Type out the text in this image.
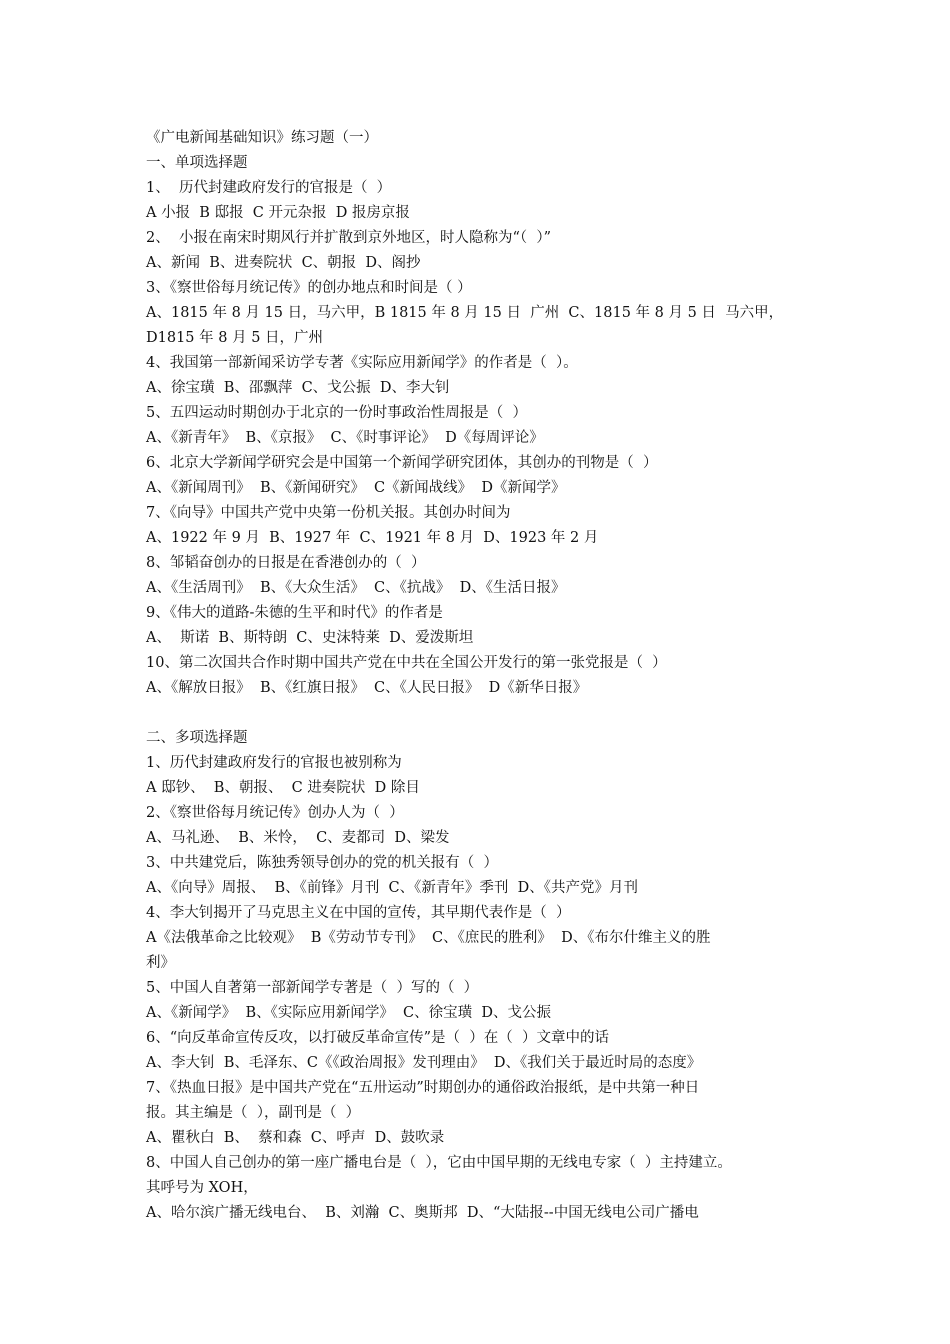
《广电新闻基础知识》练习题（一）
一、单项选择题
1、  历代封建政府发行的官报是（  ）
A 小报  B 邸报  C 开元杂报  D 报房京报
2、  小报在南宋时期风行并扩散到京外地区，时人隐称为“（  ）”
A、新闻  B、进奏院状  C、朝报  D、阁抄
3、《察世俗每月统记传》的创办地点和时间是（ ）
A、1815 年 8 月 15 日，马六甲，B 1815 年 8 月 15 日  广州  C、1815 年 8 月 5 日  马六甲，
D1815 年 8 月 5 日，广州
4、我国第一部新闻采访学专著《实际应用新闻学》的作者是（  ）。
A、徐宝璜  B、邵飘萍  C、戈公振  D、李大钊
5、五四运动时期创办于北京的一份时事政治性周报是（  ）
A、《新青年》  B、《京报》  C、《时事评论》  D《每周评论》
6、北京大学新闻学研究会是中国第一个新闻学研究团体，其创办的刊物是（  ）
A、《新闻周刊》  B、《新闻研究》  C《新闻战线》  D《新闻学》
7、《向导》中国共产党中央第一份机关报。其创办时间为
A、1922 年 9 月  B、1927 年  C、1921 年 8 月  D、1923 年 2 月
8、邹韬奋创办的日报是在香港创办的（  ）
A、《生活周刊》  B、《大众生活》  C、《抗战》  D、《生活日报》
9、《伟大的道路-朱德的生平和时代》的作者是
A、  斯诺  B、斯特朗  C、史沫特莱  D、爱泼斯坦
10、第二次国共合作时期中国共产党在中共在全国公开发行的第一张党报是（  ）
A、《解放日报》  B、《红旗日报》  C、《人民日报》  D《新华日报》
二、多项选择题
1、历代封建政府发行的官报也被别称为
A 邸钞、  B、朝报、  C 进奏院状  D 除目
2、《察世俗每月统记传》创办人为（  ）
A、马礼逊、  B、米怜，  C、麦都司  D、梁发
3、中共建党后，陈独秀领导创办的党的机关报有（  ）
A、《向导》周报、  B、《前锋》月刊  C、《新青年》季刊  D、《共产党》月刊
4、李大钊揭开了马克思主义在中国的宣传，其早期代表作是（  ）
A《法俄革命之比较观》  B《劳动节专刊》  C、《庶民的胜利》  D、《布尔什维主义的胜
利》
5、中国人自著第一部新闻学专著是（  ）写的（  ）
A、《新闻学》  B、《实际应用新闻学》  C、徐宝璜  D、戈公振
6、“向反革命宣传反攻，以打破反革命宣传”是（  ）在（  ）文章中的话
A、李大钊  B、毛泽东、C《《政治周报》发刊理由》  D、《我们关于最近时局的态度》
7、《热血日报》是中国共产党在“五卅运动”时期创办的通俗政治报纸，是中共第一种日
报。其主编是（  ），副刊是（  ）
A、瞿秋白  B、  蔡和森  C、呼声  D、鼓吹录
8、中国人自己创办的第一座广播电台是（  ），它由中国早期的无线电专家（  ）主持建立。
其呼号为 XOH，
A、哈尔滨广播无线电台、  B、刘瀚  C、奥斯邦  D、“大陆报--中国无线电公司广播电
